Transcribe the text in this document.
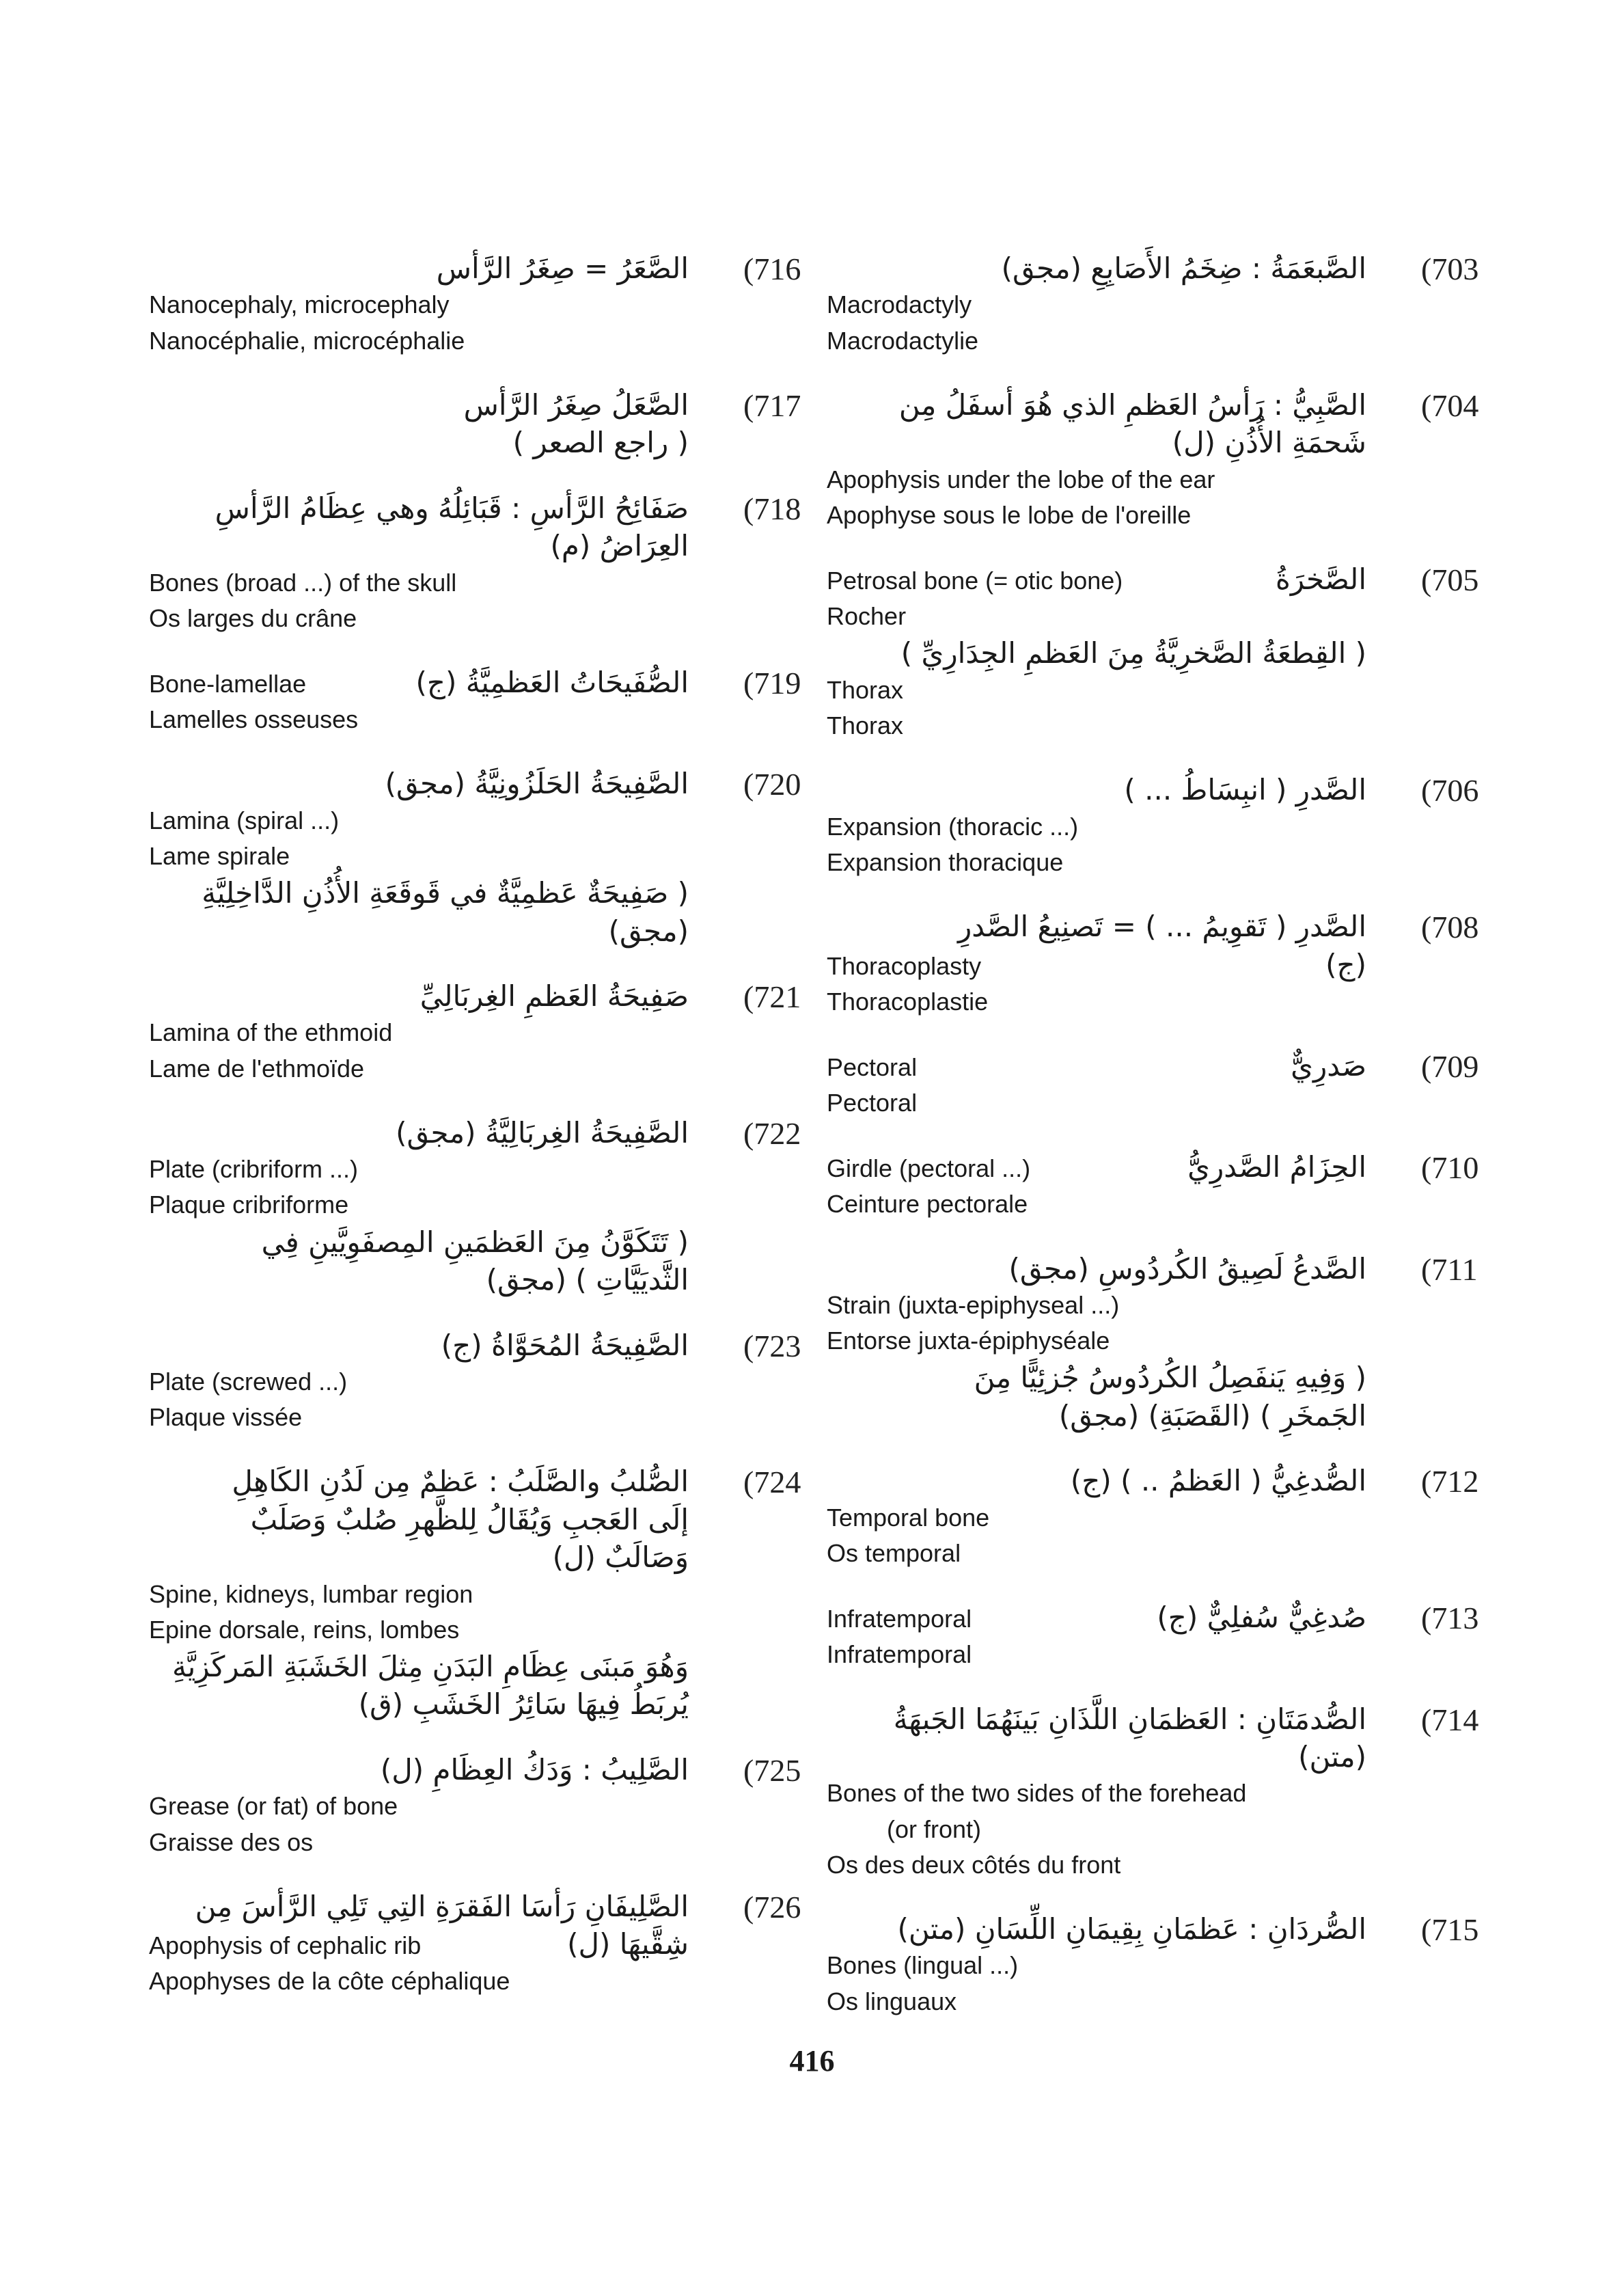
(716
الصَّعَرُ = صِغَرُ الرَّأس
Nanocephaly, microcephaly
Nanocéphalie, microcéphalie
(717
الصَّعَلُ صِغَرُ الرَّأس
( راجع الصعر )
(718
صَفَائِحُ الرَّأسِ : قَبَائِلُهُ وهي عِظَامُ الرَّأسِ
العِرَاضُ (م)
Bones (broad ...) of the skull
Os larges du crâne
(719
Bone-lamellae	الصُّفَيحَاتُ العَظمِيَّةُ (ج)
Lamelles osseuses
(720
الصَّفِيحَةُ الحَلَزُونِيَّةُ (مجق)
Lamina (spiral ...)
Lame spirale
( صَفِيحَةٌ عَظمِيَّةٌ في قَوقَعَةِ الأُذُنِ الدَّاخِلِيَّةِ
(مجق)
(721
صَفِيحَةُ العَظمِ الغِربَالِيِّ
Lamina of the ethmoid
Lame de l'ethmoïde
(722
الصَّفِيحَةُ الغِربَالِيَّةُ (مجق)
Plate (cribriform ...)
Plaque cribriforme
( تَتَكَوَّنُ مِنَ العَظمَينِ المِصفَوِيَّينِ فِي
الثَّديَيَّاتِ ) (مجق)
(723
الصَّفِيحَةُ المُحَوَّاةُ (ج)
Plate (screwed ...)
Plaque vissée
(724
الصُّلبُ والصَّلَبُ : عَظمٌ مِن لَدُنِ الكَاهِلِ
إلَى العَجبِ وَيُقَالُ لِلظَّهرِ صُلبٌ وَصَلَبٌ
وَصَالَبٌ (ل)
Spine, kidneys, lumbar region
Epine dorsale, reins, lombes
وَهُوَ مَبنَى عِظَامِ البَدَنِ مِثلَ الخَشَبَةِ المَركَزِيَّةِ
يُربَطُ فِيهَا سَائِرُ الخَشَبِ (ق)
(725
الصَّلِيبُ : وَدَكُ العِظَامِ (ل)
Grease (or fat) of bone
Graisse des os
(726
الصَّلِيفَانِ رَأسَا الفَقرَةِ التِي تَلِي الرَّأسَ مِن
Apophysis of cephalic rib	شِقَّيهَا (ل)
Apophyses de la côte céphalique
(703
الصَّبعَمَةُ : ضِخَمُ الأَصَابِعِ (مجق)
Macrodactyly
Macrodactylie
(704
الصَّبِيُّ : رَأسُ العَظمِ الذي هُوَ أسفَلُ مِن
شَحمَةِ الأُذُنِ (ل)
Apophysis under the lobe of the ear
Apophyse sous le lobe de l'oreille
(705
Petrosal bone (= otic bone)	الصَّخرَةُ
Rocher
( القِطعَةُ الصَّخرِيَّةُ مِنَ العَظمِ الجِدَارِيِّ )
Thorax
Thorax
(706
الصَّدرِ ( انبِسَاطُ ... )
Expansion (thoracic ...)
Expansion thoracique
(708
الصَّدرِ ( تَقوِيمُ ... ) = تَصنِيعُ الصَّدرِ
Thoracoplasty	(ج)
Thoracoplastie
(709
Pectoral	صَدرِيٌّ
Pectoral
(710
Girdle (pectoral ...)	الحِزَامُ الصَّدرِيُّ
Ceinture pectorale
(711
الصَّدعُ لَصِيقُ الكُردُوسِ (مجق)
Strain (juxta-epiphyseal ...)
Entorse juxta-épiphyséale
( وَفِيهِ يَنفَصِلُ الكُردُوسُ جُزئِيًّا مِنَ
الجَمخَرِ ) (القَصَبَةِ) (مجق)
(712
الصُّدغِيُّ ( العَظمُ .. ) (ج)
Temporal bone
Os temporal
(713
Infratemporal	صُدغِيٌّ سُفلِيٌّ (ج)
Infratemporal
(714
الصُّدمَتَانِ : العَظمَانِ اللَّذَانِ بَينَهُمَا الجَبهَةُ
(متن)
Bones of the two sides of the forehead
(or front)
Os des deux côtés du front
(715
الصُّردَانِ : عَظمَانِ بِقِيمَانِ اللِّسَانِ (متن)
Bones (lingual ...)
Os linguaux
416
